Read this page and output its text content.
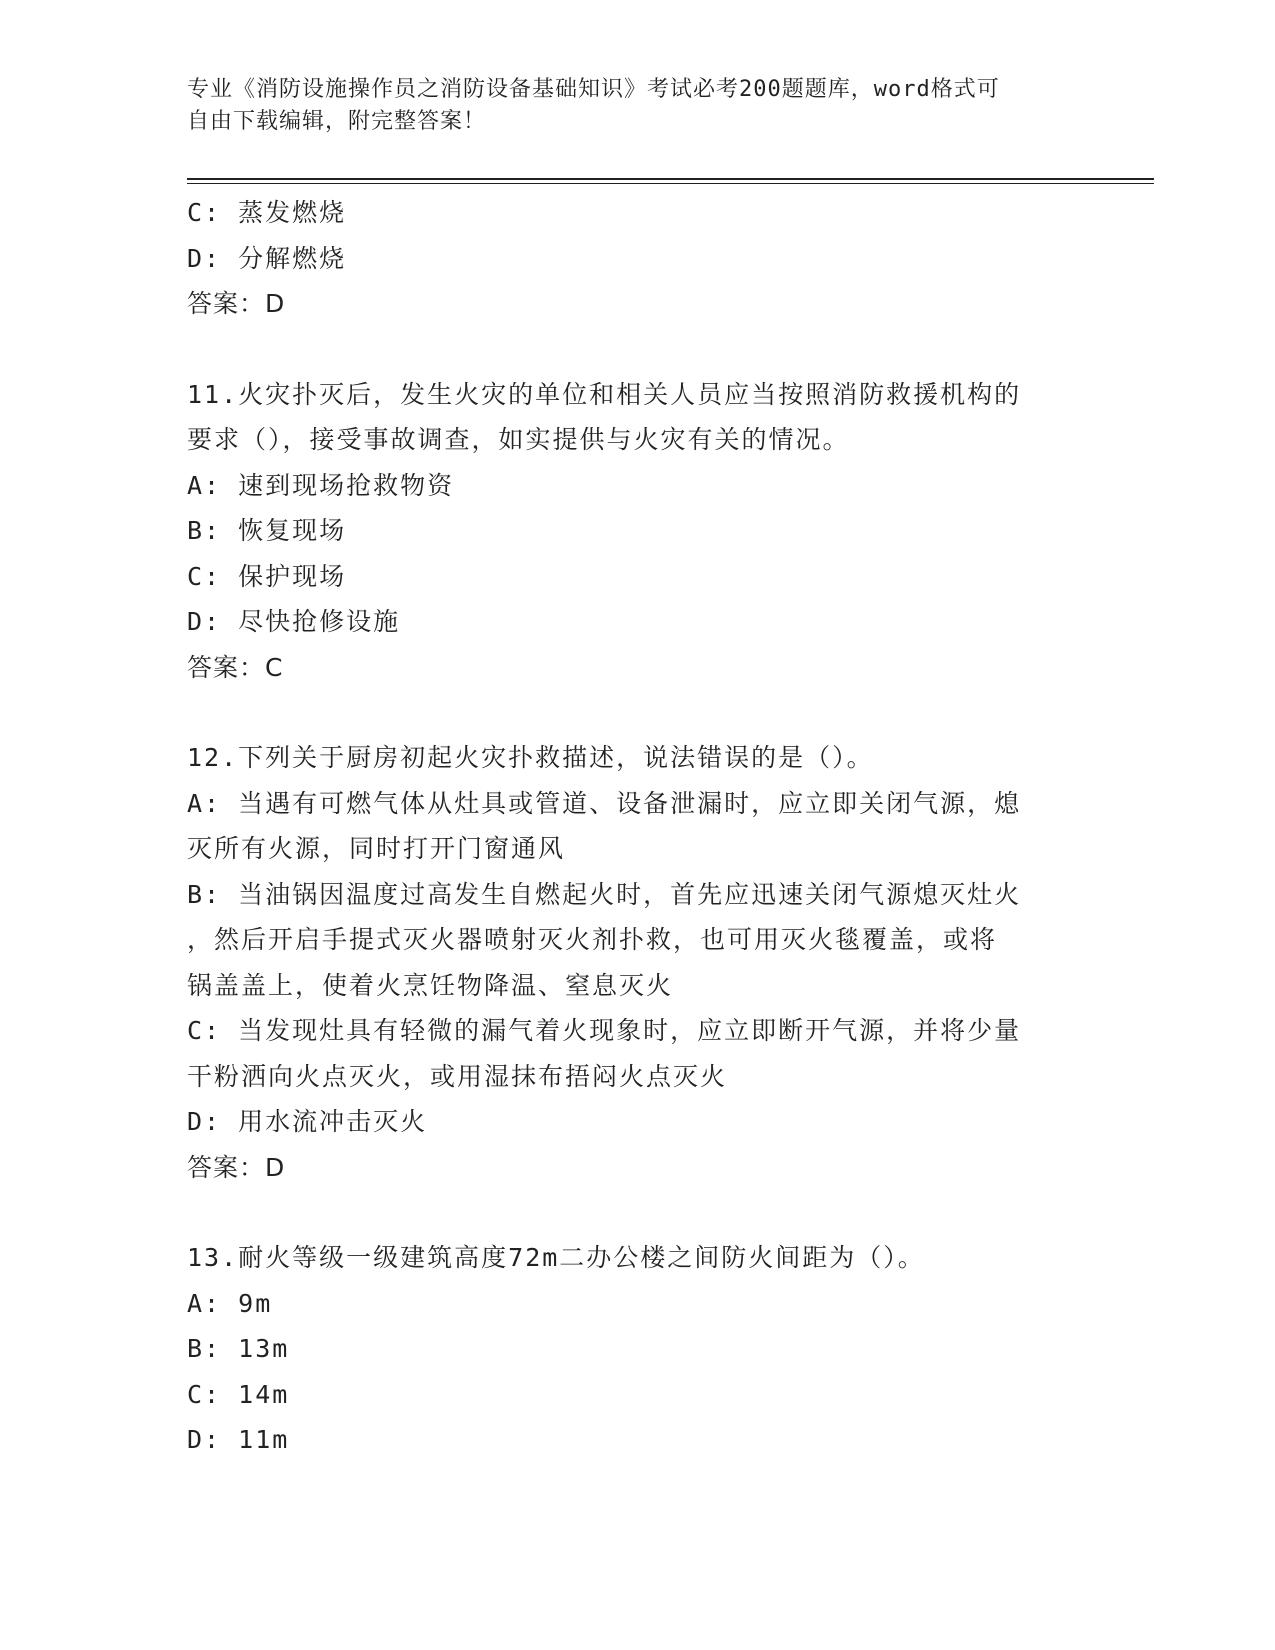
专业《消防设施操作员之消防设备基础知识》考试必考200题题库，word格式可
自由下载编辑，附完整答案！
C: 蒸发燃烧
D: 分解燃烧
答案：D
11.火灾扑灭后，发生火灾的单位和相关人员应当按照消防救援机构的
要求（），接受事故调查，如实提供与火灾有关的情况。
A: 速到现场抢救物资
B: 恢复现场
C: 保护现场
D: 尽快抢修设施
答案：C
12.下列关于厨房初起火灾扑救描述，说法错误的是（）。
A: 当遇有可燃气体从灶具或管道、设备泄漏时，应立即关闭气源，熄
灭所有火源，同时打开门窗通风
B: 当油锅因温度过高发生自燃起火时，首先应迅速关闭气源熄灭灶火
，然后开启手提式灭火器喷射灭火剂扑救，也可用灭火毯覆盖，或将
锅盖盖上，使着火烹饪物降温、窒息灭火
C: 当发现灶具有轻微的漏气着火现象时，应立即断开气源，并将少量
干粉洒向火点灭火，或用湿抹布捂闷火点灭火
D: 用水流冲击灭火
答案：D
13.耐火等级一级建筑高度72m二办公楼之间防火间距为（）。
A: 9m
B: 13m
C: 14m
D: 11m
